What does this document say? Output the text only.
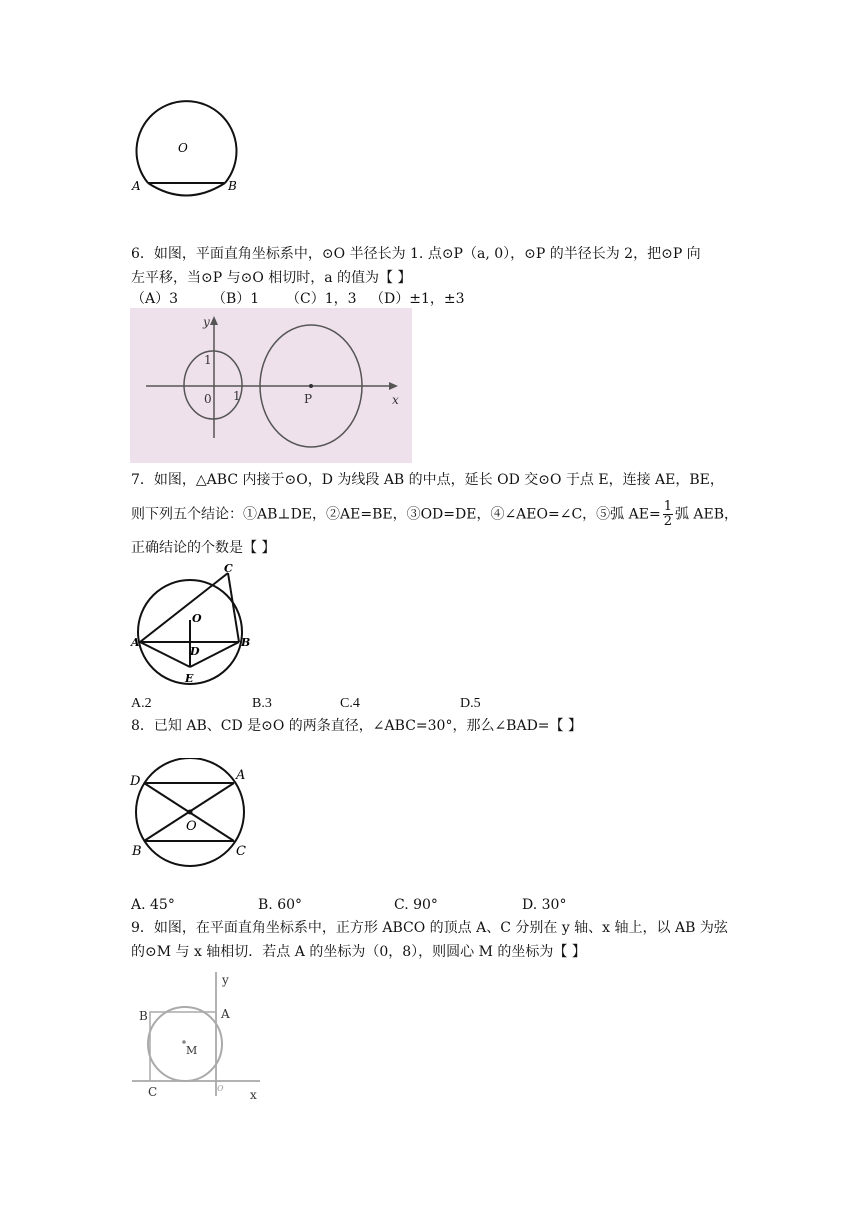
O
A	B
6．如图，平面直角坐标系中，⊙O 半径长为 1. 点⊙P（a, 0），⊙P 的半径长为 2，把⊙P 向
左平移，当⊙P 与⊙O 相切时，a 的值为【 】
（A）3 （B）1 （C）1，3 （D）±1，±3
y
x
1
0 1	P
7．如图，△ABC 内接于⊙O，D 为线段 AB 的中点，延长 OD 交⊙O 于点 E，连接 AE，BE，
则下列五个结论：①AB⊥DE，②AE=BE，③OD=DE，④∠AEO=∠C，⑤弧 $AE= \frac{1}{2}$ 弧 AEB，
正确结论的个数是【 】
C
O
A
D
B
E
A.2	B.3	C.4	D.5
8．已知 AB、CD 是⊙O 的两条直径，∠ABC=30°，那么∠BAD=【 】
D	A
O
B	C
A. 45°	B. 60°	C. 90°	D. 30°
9．如图，在平面直角坐标系中，正方形 ABCO 的顶点 A、C 分别在 y 轴、x 轴上，以 AB 为弦
的⊙M 与 x 轴相切．若点 A 的坐标为（0，8），则圆心 M 的坐标为【 】
y
B	A
M
C	o
x
